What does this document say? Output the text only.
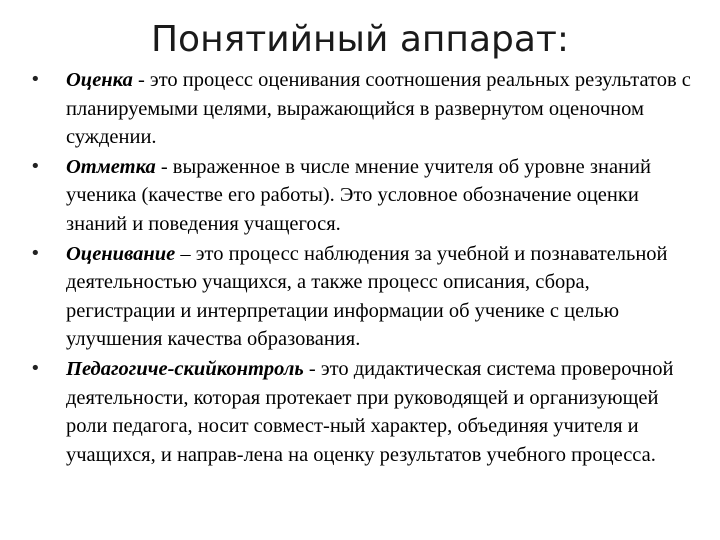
Понятийный аппарат:
• Оценка - это процесс оценивания соотношения реальных результатов с планируемыми целями, выражающийся в развернутом оценочном суждении.
• Отметка - выраженное в числе мнение учителя об уровне знаний ученика (качестве его работы). Это условное обозначение оценки знаний и поведения учащегося.
• Оценивание – это процесс наблюдения за учебной и познавательной деятельностью учащихся, а также процесс описания, сбора, регистрации и интерпретации информации об ученике с целью улучшения качества образования.
• Педагогиче-скийконтроль - это дидактическая система проверочной деятельности, которая протекает при руководящей и организующей роли педагога, носит совмест-ный характер, объединяя учителя и учащихся, и направ-лена на оценку результатов учебного процесса.
